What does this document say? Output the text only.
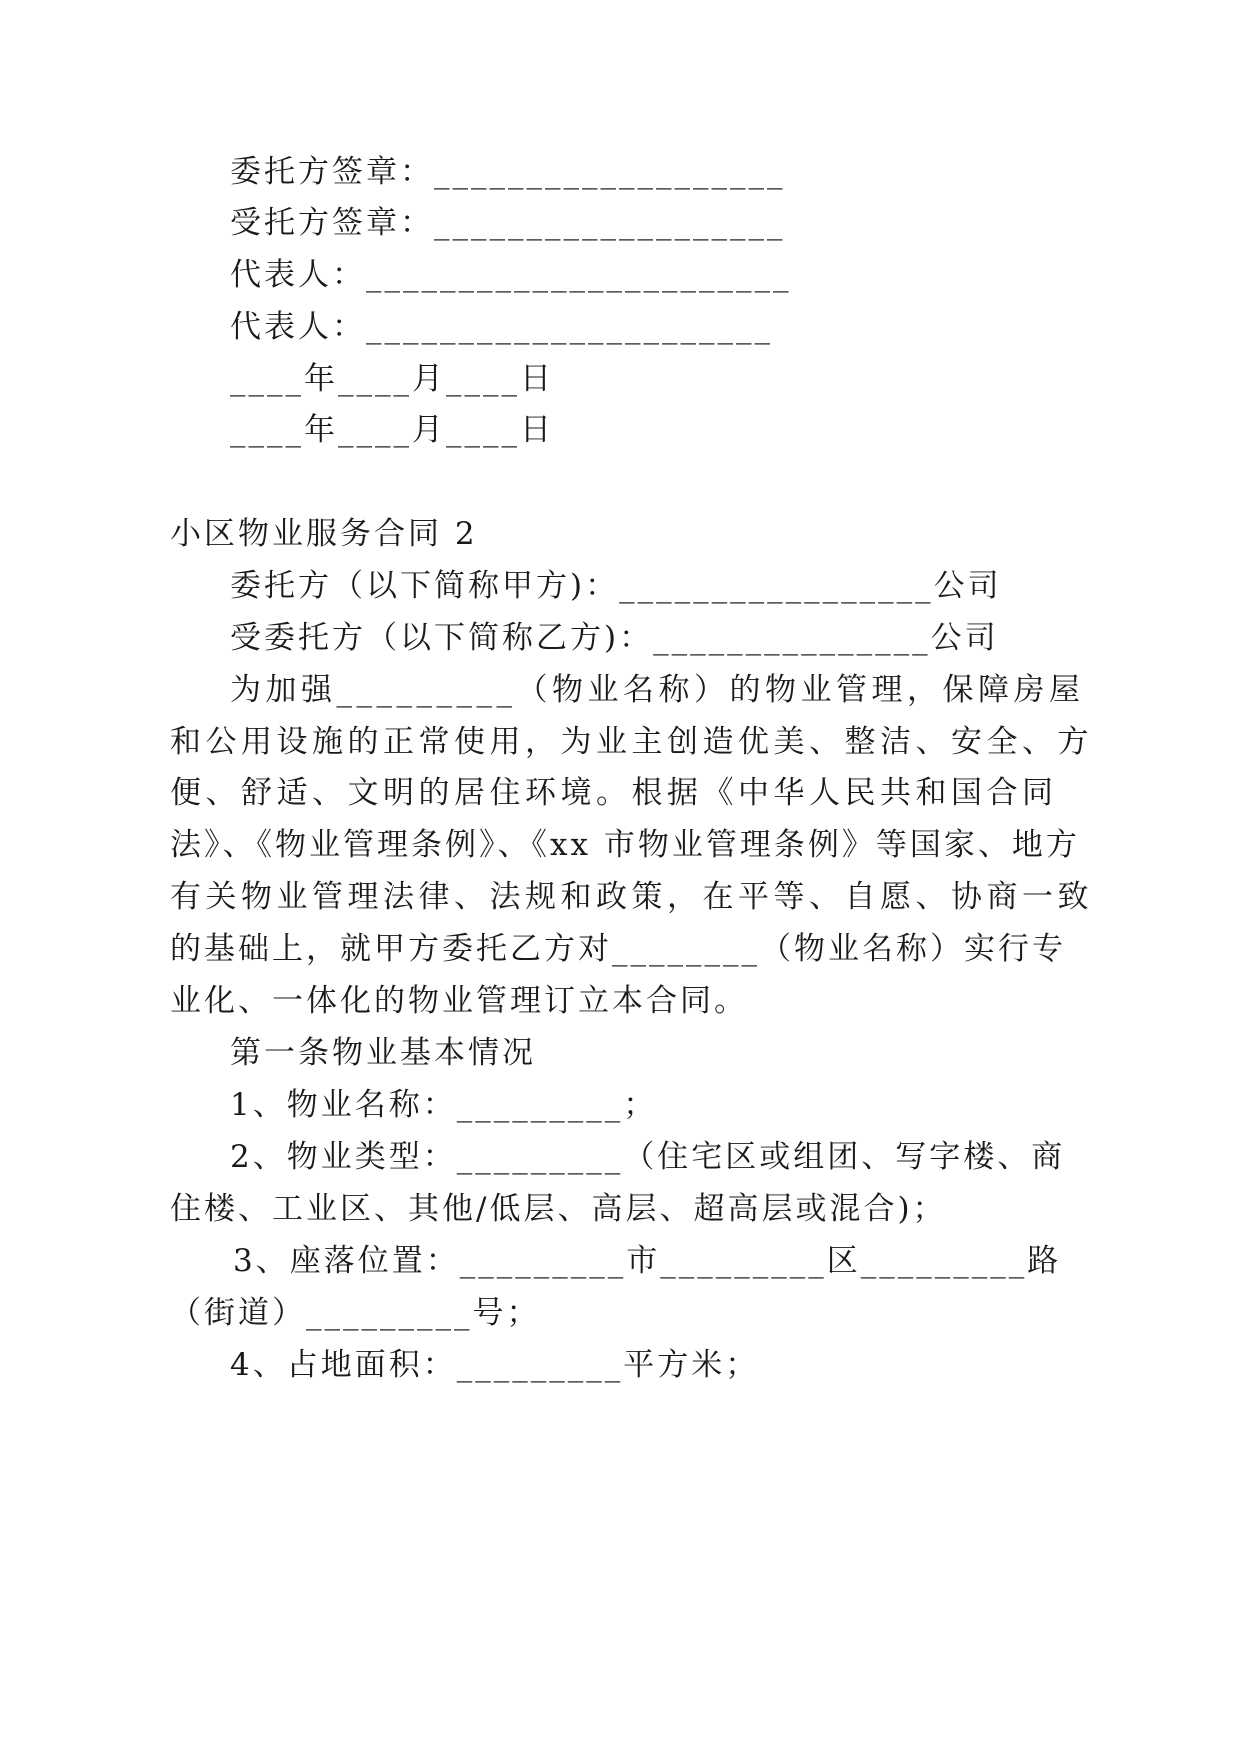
委托方签章：___________________
受托方签章：___________________
代表人：_______________________
代表人：______________________
____年____月____日
____年____月____日
小区物业服务合同 2
委托方（以下简称甲方)：_________________公司
受委托方（以下简称乙方)：_______________公司
为加强_________（物业名称）的物业管理，保障房屋
和公用设施的正常使用，为业主创造优美、整洁、安全、方
便、舒适、文明的居住环境。根据《中华人民共和国合同
法》、《物业管理条例》、《xx 市物业管理条例》等国家、地方
有关物业管理法律、法规和政策，在平等、自愿、协商一致
的基础上，就甲方委托乙方对________（物业名称）实行专
业化、一体化的物业管理订立本合同。
第一条物业基本情况
1、物业名称：_________；
2、物业类型：_________（住宅区或组团、写字楼、商
住楼、工业区、其他/低层、高层、超高层或混合)；
3、座落位置：_________市_________区_________路
（街道）_________号；
4、占地面积：_________平方米；
